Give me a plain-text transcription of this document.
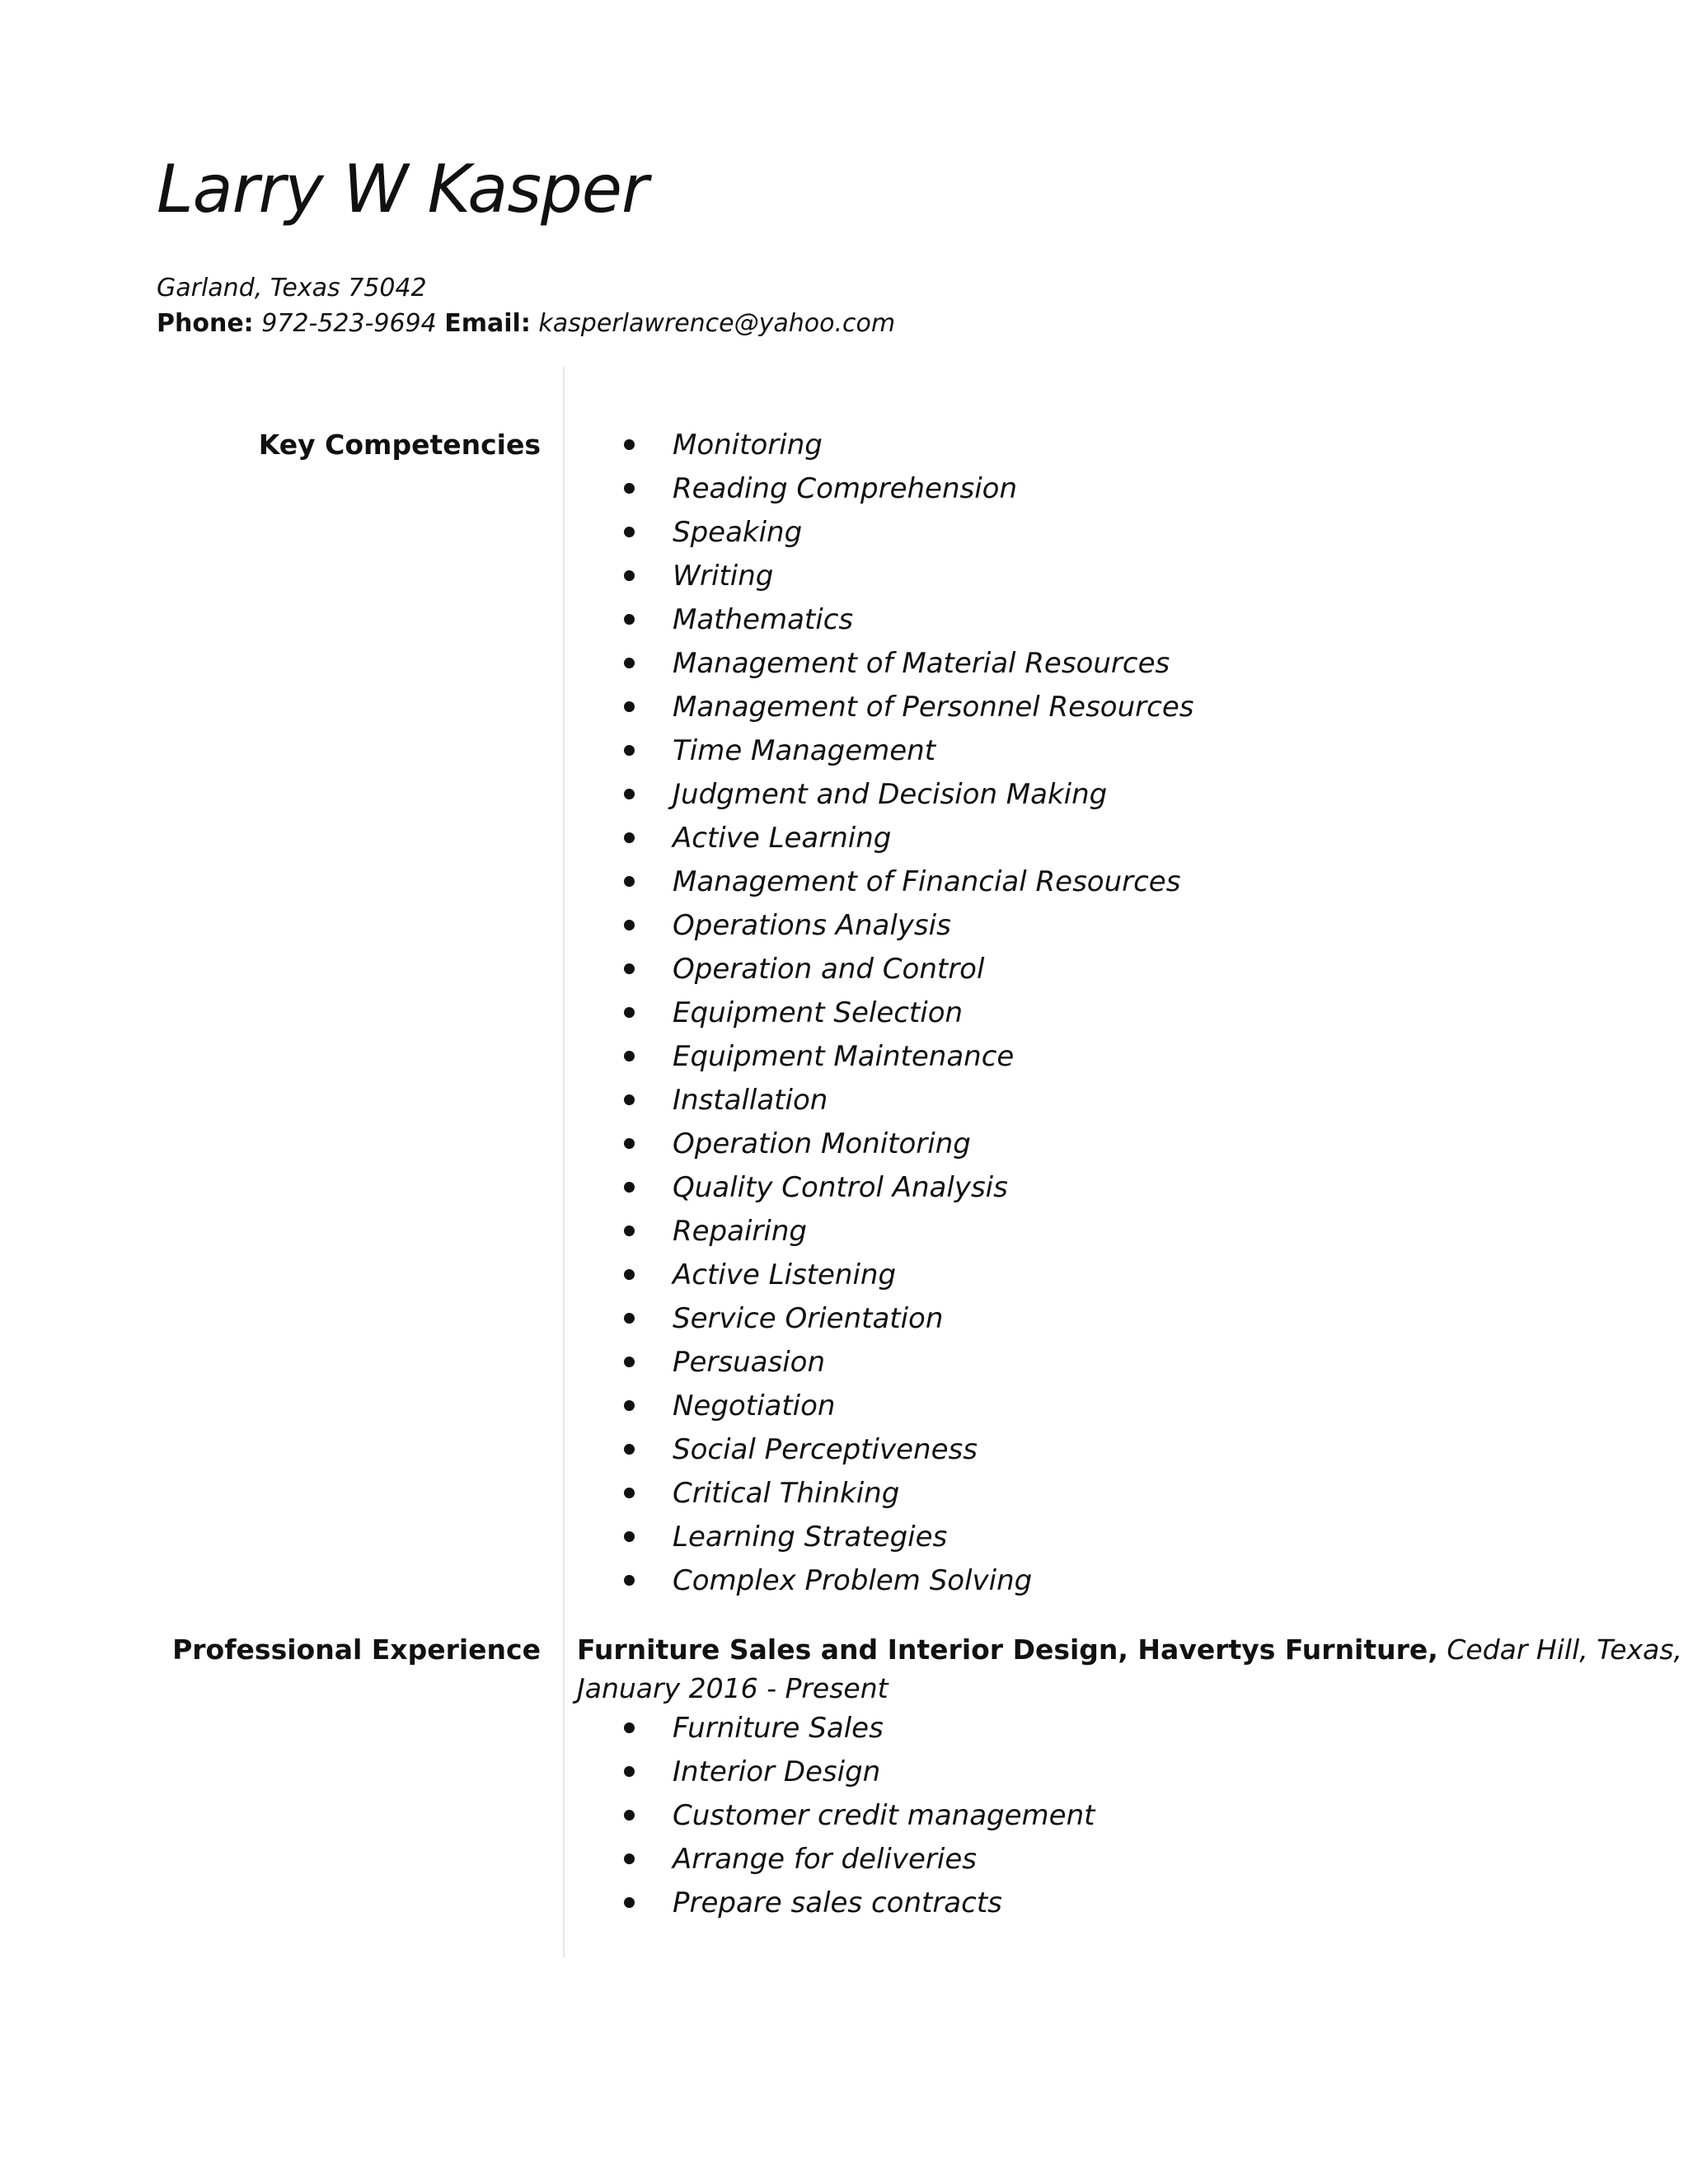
Larry W Kasper
Garland, Texas 75042
Phone: 972-523-9694 Email: kasperlawrence@yahoo.com
Key Competencies	Monitoring
Reading Comprehension
Speaking
Writing
Mathematics
Management of Material Resources
Management of Personnel Resources
Time Management
Judgment and Decision Making
Active Learning
Management of Financial Resources
Operations Analysis
Operation and Control
Equipment Selection
Equipment Maintenance
Installation
Operation Monitoring
Quality Control Analysis
Repairing
Active Listening
Service Orientation
Persuasion
Negotiation
Social Perceptiveness
Critical Thinking
Learning Strategies
Complex Problem Solving
Professional Experience Furniture Sales and Interior Design, Havertys Furniture, Cedar Hill, Texas,
January 2016 - Present
Furniture Sales
Interior Design
Customer credit management
Arrange for deliveries
Prepare sales contracts
